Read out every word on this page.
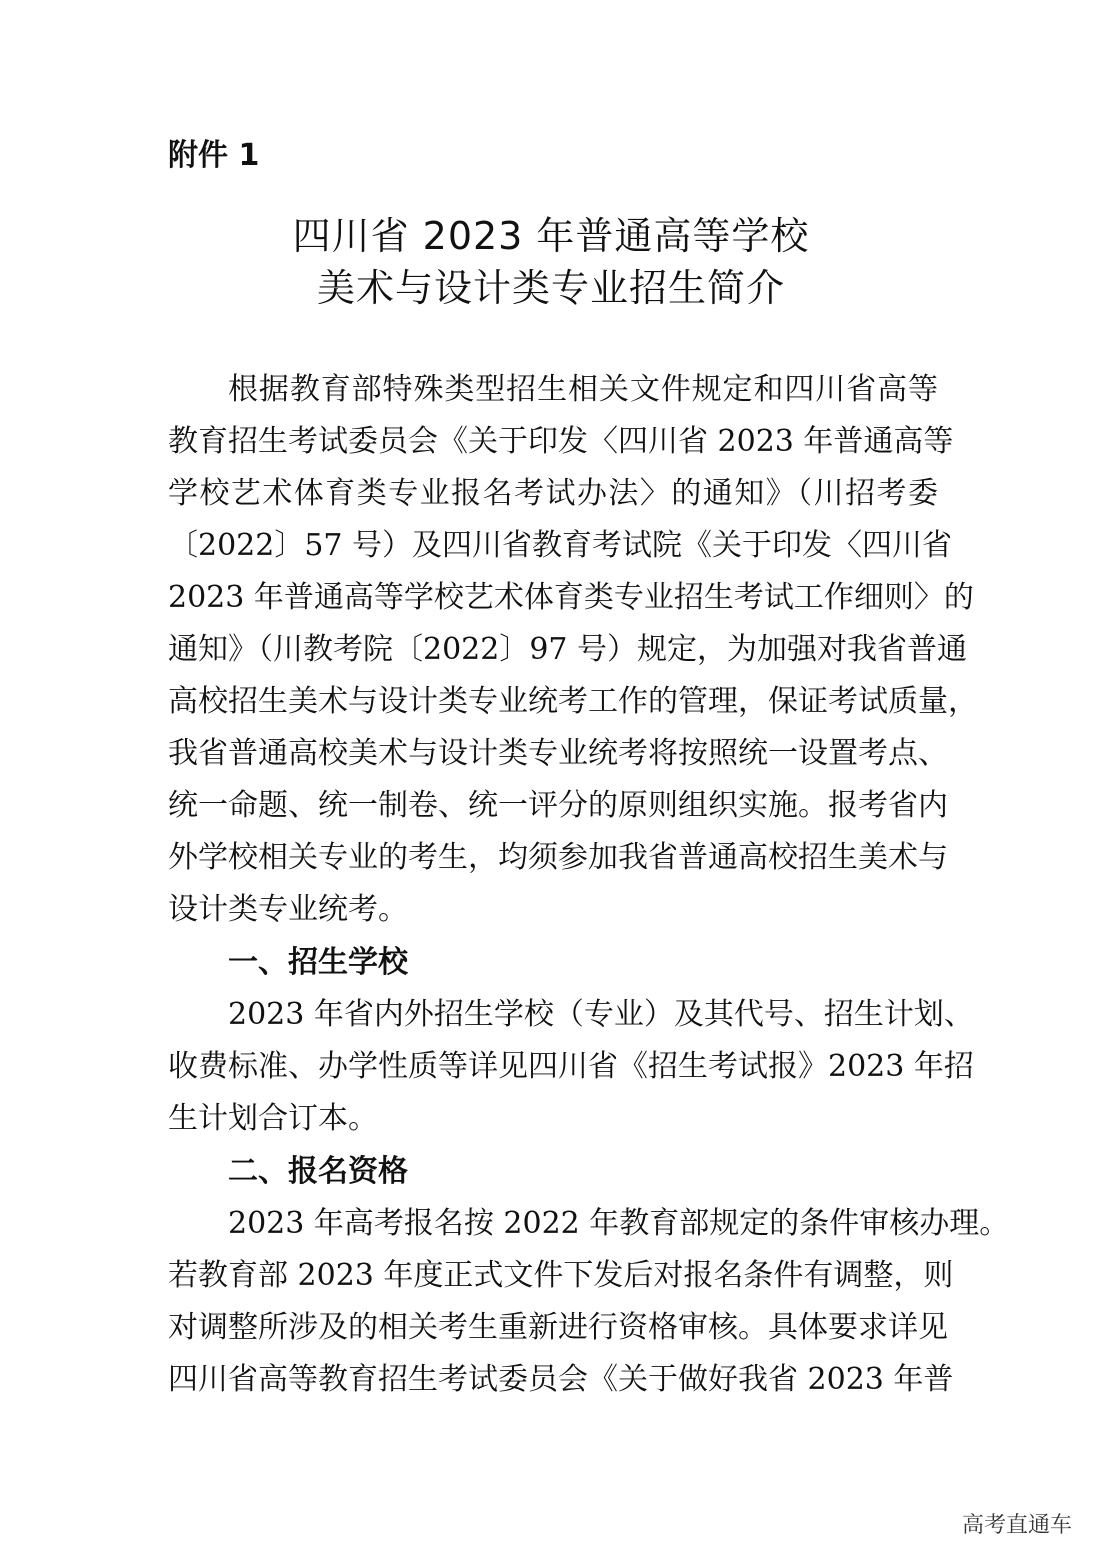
附件 1
四川省 2023 年普通高等学校
美术与设计类专业招生简介
根据教育部特殊类型招生相关文件规定和四川省高等
教育招生考试委员会《关于印发〈四川省 2023 年普通高等
学校艺术体育类专业报名考试办法〉的通知》（川招考委
〔2022〕57 号）及四川省教育考试院《关于印发〈四川省
2023 年普通高等学校艺术体育类专业招生考试工作细则〉的
通知》（川教考院〔2022〕97 号）规定，为加强对我省普通
高校招生美术与设计类专业统考工作的管理，保证考试质量，
我省普通高校美术与设计类专业统考将按照统一设置考点、
统一命题、统一制卷、统一评分的原则组织实施。报考省内
外学校相关专业的考生，均须参加我省普通高校招生美术与
设计类专业统考。
一、招生学校
2023 年省内外招生学校（专业）及其代号、招生计划、
收费标准、办学性质等详见四川省《招生考试报》2023 年招
生计划合订本。
二、报名资格
2023 年高考报名按 2022 年教育部规定的条件审核办理。
若教育部 2023 年度正式文件下发后对报名条件有调整，则
对调整所涉及的相关考生重新进行资格审核。具体要求详见
四川省高等教育招生考试委员会《关于做好我省 2023 年普
高考直通车
